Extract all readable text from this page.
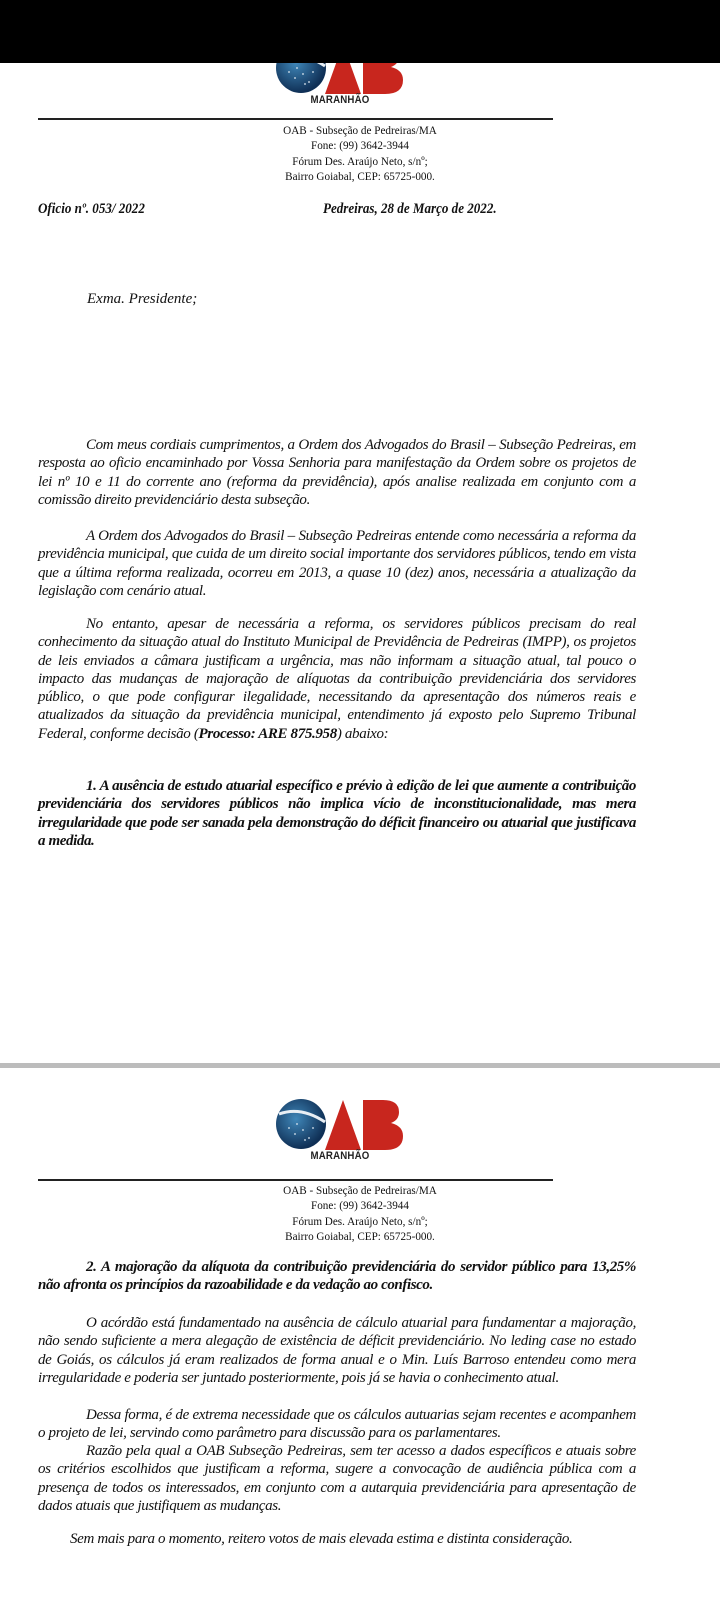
MARANHÃO
OAB - Subseção de Pedreiras/MA
Fone: (99) 3642-3944
Fórum Des. Araújo Neto, s/nº;
Bairro Goiabal, CEP: 65725-000.
Oficio nº. 053/ 2022	Pedreiras, 28 de Março de 2022.
Exma. Presidente;

Com meus cordiais cumprimentos, a Ordem dos Advogados do Brasil – Subseção Pedreiras, em resposta ao oficio encaminhado por Vossa Senhoria para manifestação da Ordem sobre os projetos de lei nº 10 e 11 do corrente ano (reforma da previdência), após analise realizada em conjunto com a comissão direito previdenciário desta subseção.

A Ordem dos Advogados do Brasil – Subseção Pedreiras entende como necessária a reforma da previdência municipal, que cuida de um direito social importante dos servidores públicos, tendo em vista que a última reforma realizada, ocorreu em 2013, a quase 10 (dez) anos, necessária a atualização da legislação com cenário atual.

No entanto, apesar de necessária a reforma, os servidores públicos precisam do real conhecimento da situação atual do Instituto Municipal de Previdência de Pedreiras (IMPP), os projetos de leis enviados a câmara justificam a urgência, mas não informam a situação atual, tal pouco o impacto das mudanças de majoração de alíquotas da contribuição previdenciária dos servidores público, o que pode configurar ilegalidade, necessitando da apresentação dos números reais e atualizados da situação da previdência municipal, entendimento já exposto pelo Supremo Tribunal Federal, conforme decisão (Processo: ARE 875.958) abaixo:

1. A ausência de estudo atuarial específico e prévio à edição de lei que aumente a contribuição previdenciária dos servidores públicos não implica vício de inconstitucionalidade, mas mera irregularidade que pode ser sanada pela demonstração do déficit financeiro ou atuarial que justificava a medida.

MARANHÃO
OAB - Subseção de Pedreiras/MA
Fone: (99) 3642-3944
Fórum Des. Araújo Neto, s/nº;
Bairro Goiabal, CEP: 65725-000.

2. A majoração da alíquota da contribuição previdenciária do servidor público para 13,25% não afronta os princípios da razoabilidade e da vedação ao confisco.

O acórdão está fundamentado na ausência de cálculo atuarial para fundamentar a majoração, não sendo suficiente a mera alegação de existência de déficit previdenciário. No leding case no estado de Goiás, os cálculos já eram realizados de forma anual e o Min. Luís Barroso entendeu como mera irregularidade e poderia ser juntado posteriormente, pois já se havia o conhecimento atual.

Dessa forma, é de extrema necessidade que os cálculos autuarias sejam recentes e acompanhem o projeto de lei, servindo como parâmetro para discussão para os parlamentares.

Razão pela qual a OAB Subseção Pedreiras, sem ter acesso a dados específicos e atuais sobre os critérios escolhidos que justificam a reforma, sugere a convocação de audiência pública com a presença de todos os interessados, em conjunto com a autarquia previdenciária para apresentação de dados atuais que justifiquem as mudanças.

Sem mais para o momento, reitero votos de mais elevada estima e distinta consideração.
